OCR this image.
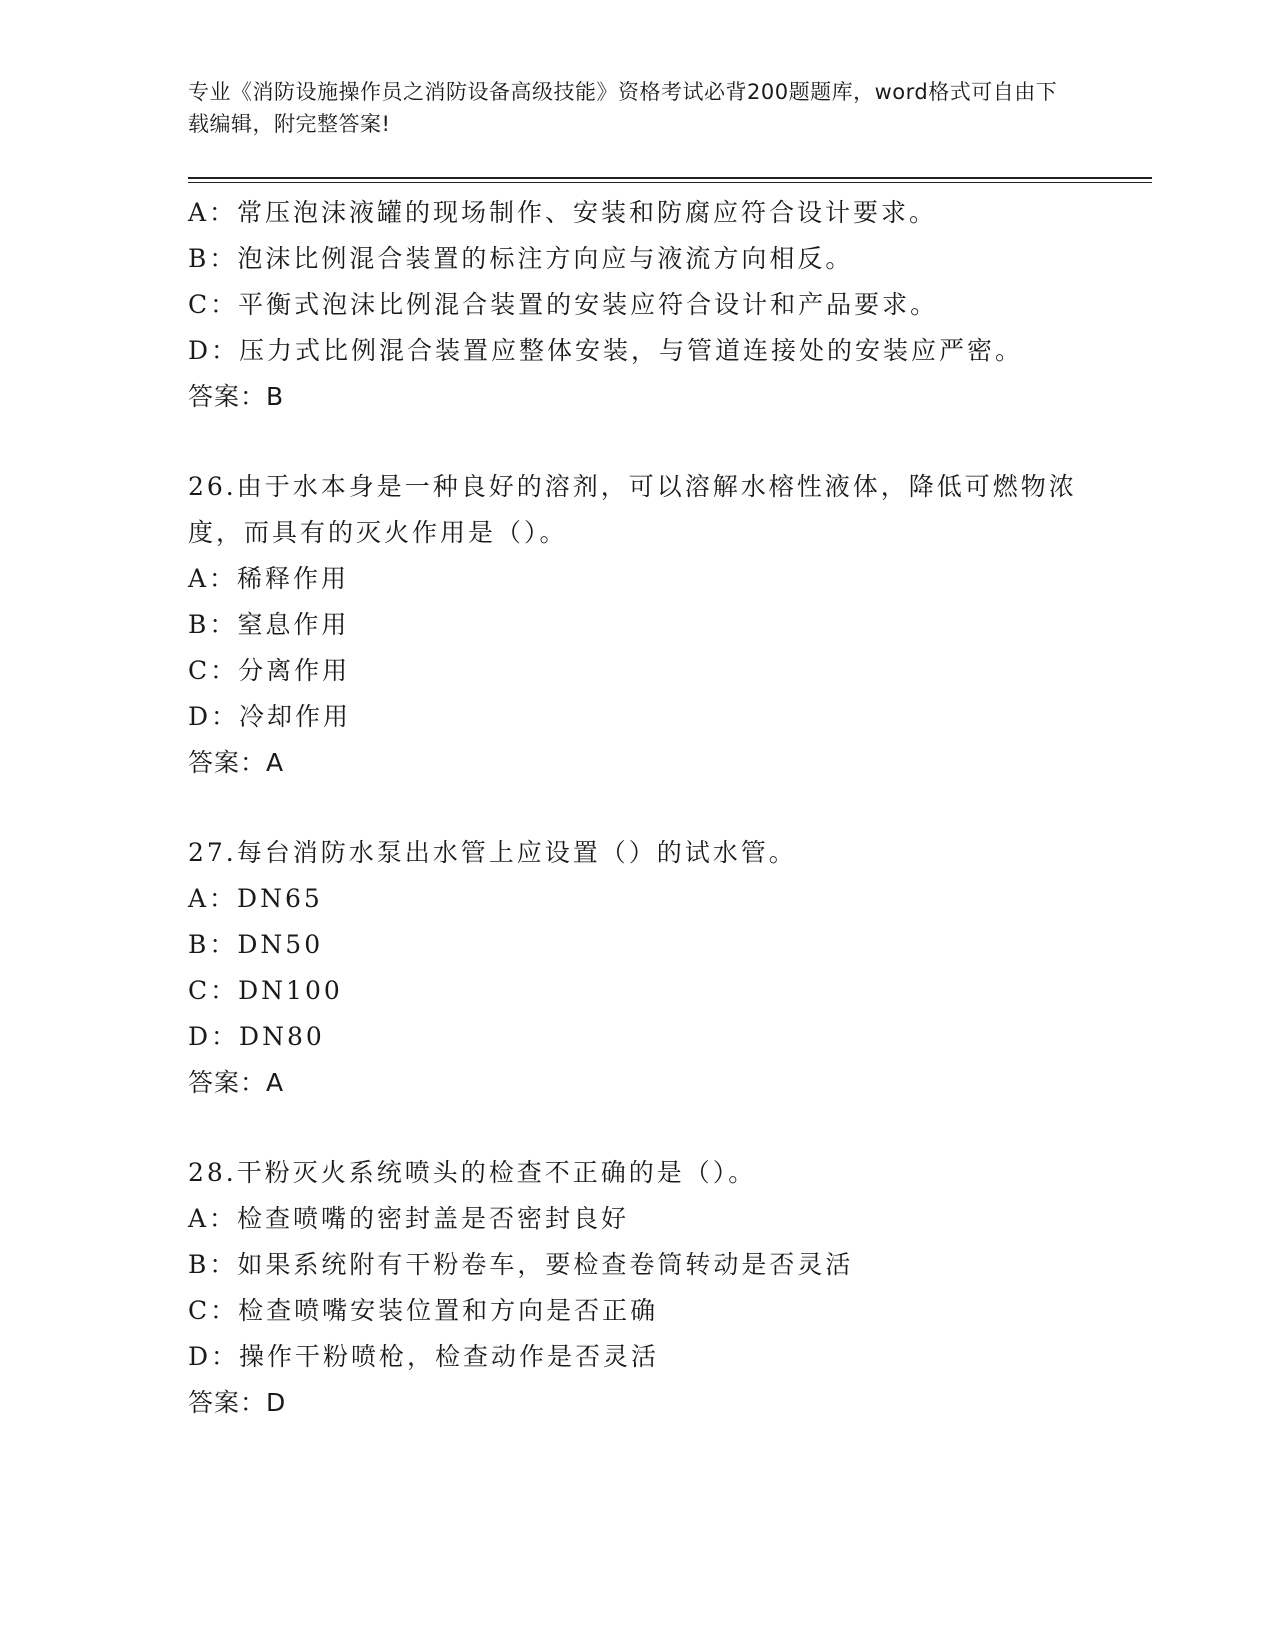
专业《消防设施操作员之消防设备高级技能》资格考试必背200题题库，word格式可自由下载编辑，附完整答案!
A：常压泡沫液罐的现场制作、安装和防腐应符合设计要求。
B：泡沫比例混合装置的标注方向应与液流方向相反。
C：平衡式泡沫比例混合装置的安装应符合设计和产品要求。
D：压力式比例混合装置应整体安装，与管道连接处的安装应严密。
答案：B
26.由于水本身是一种良好的溶剂，可以溶解水榕性液体，降低可燃物浓度，而具有的灭火作用是（）。
A：稀释作用
B：窒息作用
C：分离作用
D：冷却作用
答案：A
27.每台消防水泵出水管上应设置（）的试水管。
A：DN65
B：DN50
C：DN100
D：DN80
答案：A
28.干粉灭火系统喷头的检查不正确的是（）。
A：检查喷嘴的密封盖是否密封良好
B：如果系统附有干粉卷车，要检查卷筒转动是否灵活
C：检查喷嘴安装位置和方向是否正确
D：操作干粉喷枪，检查动作是否灵活
答案：D
